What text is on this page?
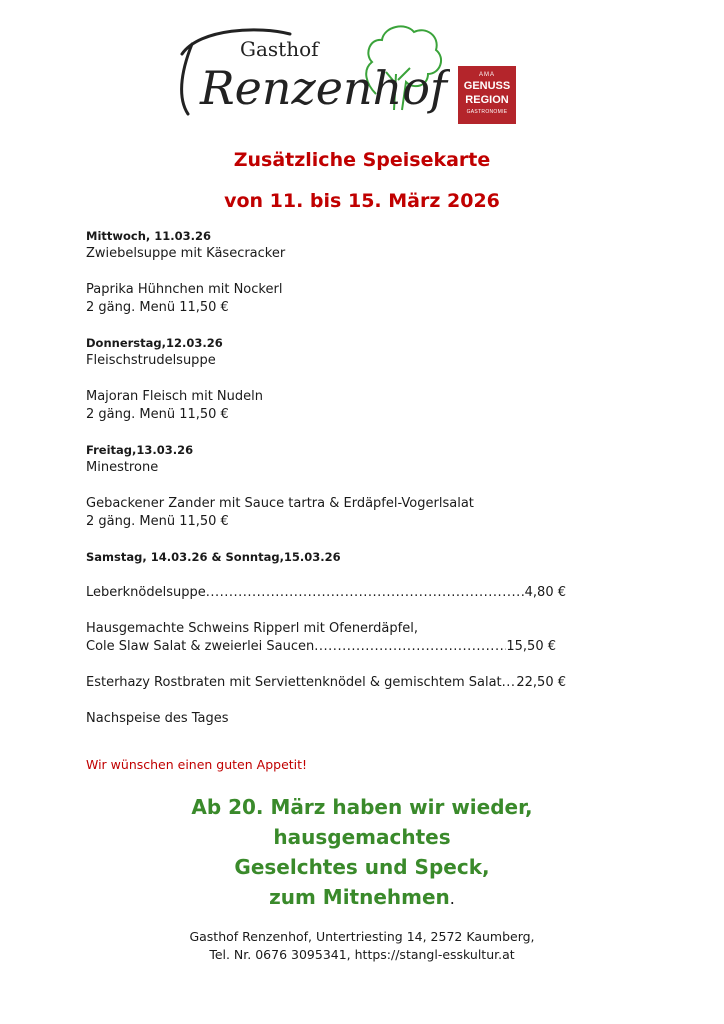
Gasthof
Renzenhof	AMA
GENUSS
REGION
GASTRONOMIE
Zusätzliche Speisekarte
von 11. bis 15. März 2026
Mittwoch, 11.03.26
Zwiebelsuppe mit Käsecracker
Paprika Hühnchen mit Nockerl
2 gäng. Menü 11,50 €
Donnerstag,12.03.26
Fleischstrudelsuppe
Majoran Fleisch mit Nudeln
2 gäng. Menü 11,50 €
Freitag,13.03.26
Minestrone
Gebackener Zander mit Sauce tartra & Erdäpfel-Vogerlsalat
2 gäng. Menü 11,50 €
Samstag, 14.03.26 & Sonntag,15.03.26
Leberknödelsuppe .....	4,80 €
Hausgemachte Schweins Ripperl mit Ofenerdäpfel,
Cole Slaw Salat & zweierlei Saucen .....	15,50 €
Esterhazy Rostbraten mit Serviettenknödel & gemischtem Salat ..... 22,50 €
Nachspeise des Tages
Wir wünschen einen guten Appetit!
Ab 20. März haben wir wieder,
hausgemachtes
Geselchtes und Speck,
zum Mitnehmen.
Gasthof Renzenhof, Untertriesting 14, 2572 Kaumberg,
Tel. Nr. 0676 3095341, https://stangl-esskultur.at
